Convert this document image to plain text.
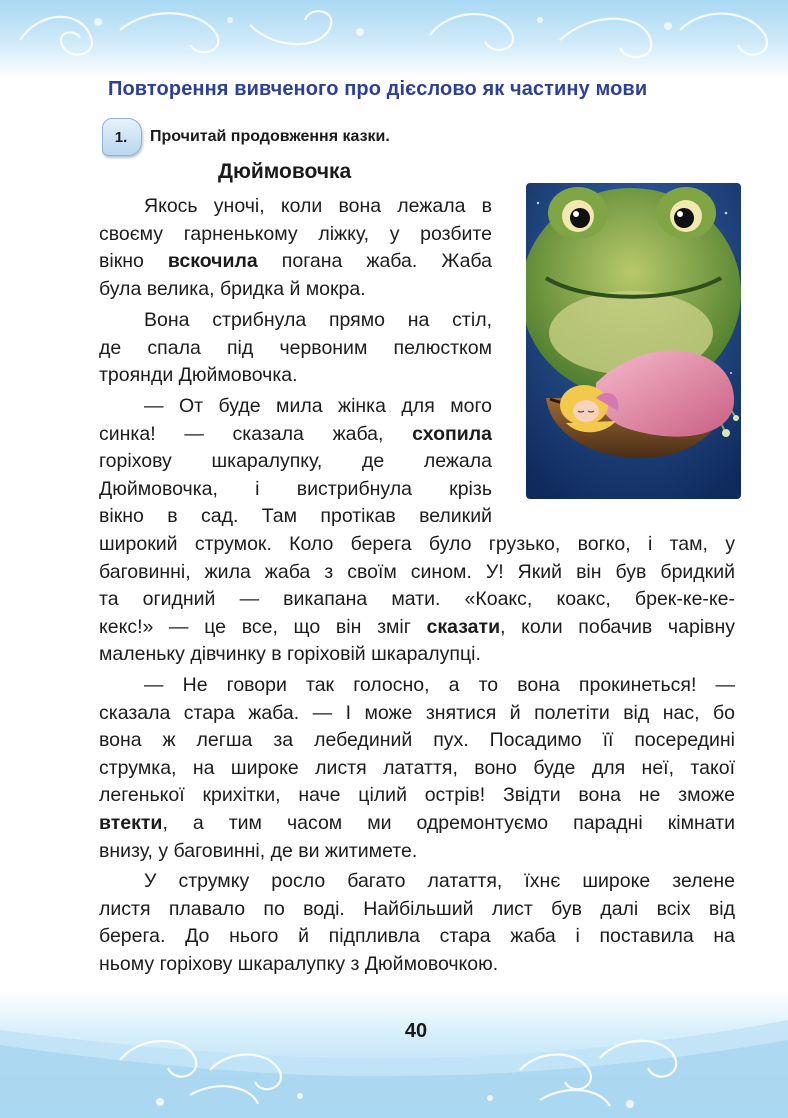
Повторення вивченого про дієслово як частину мови
1.	Прочитай продовження казки.
Дюймовочка
Якось уночі, коли вона лежала в
своєму гарненькому ліжку, у розбите
вікно вскочила погана жаба. Жаба
була велика, бридка й мокра.
Вона стрибнула прямо на стіл,
де спала під червоним пелюстком
троянди Дюймовочка.
— От буде мила жінка для мого
синка! — сказала жаба, схопила
горіхову шкаралупку, де лежала
Дюймовочка, і вистрибнула крізь
вікно в сад. Там протікав великий
широкий струмок. Коло берега було грузько, вогко, і там, у
баговинні, жила жаба з своїм сином. У! Який він був бридкий
та огидний — викапана мати. «Коакс, коакс, брек-ке-ке-
кекс!» — це все, що він зміг сказати, коли побачив чарівну
маленьку дівчинку в горіховій шкаралупці.
— Не говори так голосно, а то вона прокинеться! —
сказала стара жаба. — І може знятися й полетіти від нас, бо
вона ж легша за лебединий пух. Посадимо її посередині
струмка, на широке листя латаття, воно буде для неї, такої
легенької крихітки, наче цілий острів! Звідти вона не зможе
втекти, а тим часом ми одремонтуємо парадні кімнати
внизу, у баговинні, де ви житимете.
У струмку росло багато латаття, їхнє широке зелене
листя плавало по воді. Найбільший лист був далі всіх від
берега. До нього й підпливла стара жаба і поставила на
ньому горіхову шкаралупку з Дюймовочкою.
40
